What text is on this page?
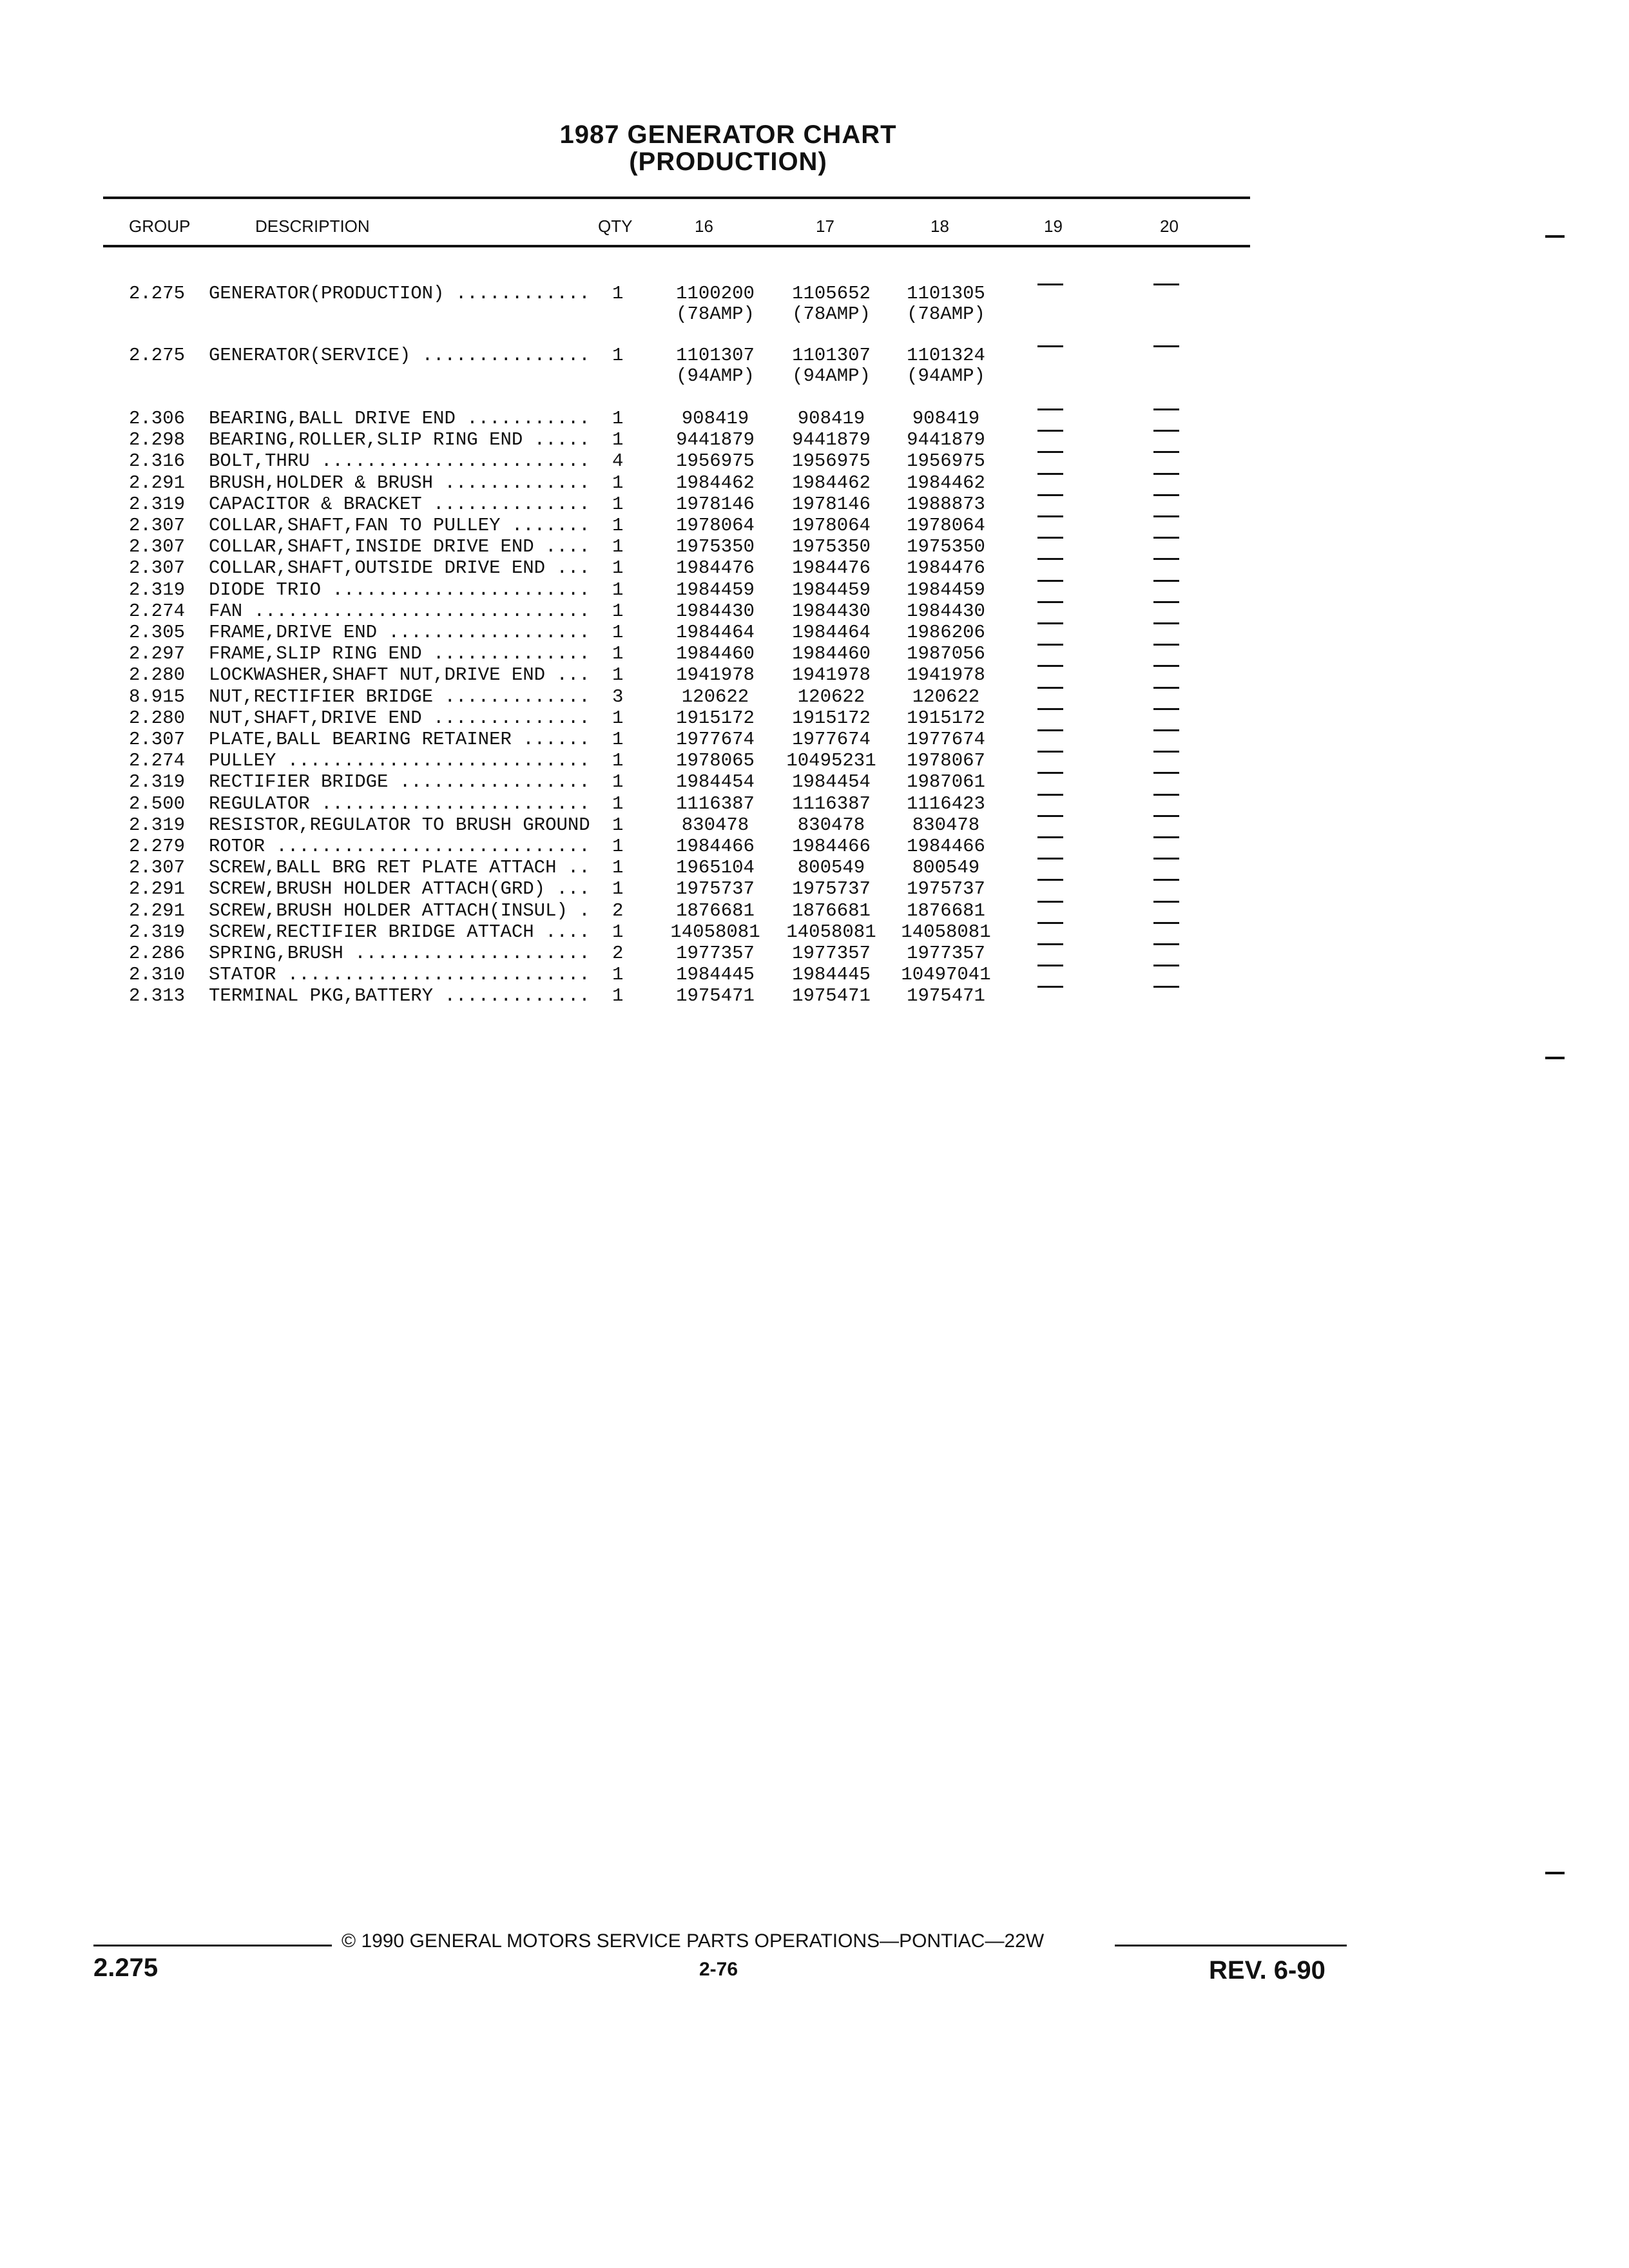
1987 GENERATOR CHART
(PRODUCTION)
GROUP	DESCRIPTION	QTY	16	17	18	19	20
2.275 GENERATOR(PRODUCTION) ............ 1	1100200	1105652	1101305
(78AMP)	(78AMP)	(78AMP)
2.275 GENERATOR(SERVICE) ............... 1	1101307	1101307	1101324
(94AMP)	(94AMP)	(94AMP)
2.306 BEARING,BALL DRIVE END ........... 1	908419	908419	908419
2.298 BEARING,ROLLER,SLIP RING END ..... 1	9441879	9441879	9441879
2.316 BOLT,THRU ........................ 4	1956975	1956975	1956975
2.291 BRUSH,HOLDER & BRUSH ............. 1	1984462	1984462	1984462
2.319 CAPACITOR & BRACKET .............. 1	1978146	1978146	1988873
2.307 COLLAR,SHAFT,FAN TO PULLEY ....... 1	1978064	1978064	1978064
2.307 COLLAR,SHAFT,INSIDE DRIVE END .... 1	1975350	1975350	1975350
2.307 COLLAR,SHAFT,OUTSIDE DRIVE END ... 1	1984476	1984476	1984476
2.319 DIODE TRIO ....................... 1	1984459	1984459	1984459
2.274 FAN .............................. 1	1984430	1984430	1984430
2.305 FRAME,DRIVE END .................. 1	1984464	1984464	1986206
2.297 FRAME,SLIP RING END .............. 1	1984460	1984460	1987056
2.280 LOCKWASHER,SHAFT NUT,DRIVE END ... 1	1941978	1941978	1941978
8.915 NUT,RECTIFIER BRIDGE ............. 3	120622	120622	120622
2.280 NUT,SHAFT,DRIVE END .............. 1	1915172	1915172	1915172
2.307 PLATE,BALL BEARING RETAINER ...... 1	1977674	1977674	1977674
2.274 PULLEY ........................... 1	1978065	10495231	1978067
2.319 RECTIFIER BRIDGE ................. 1	1984454	1984454	1987061
2.500 REGULATOR ........................ 1	1116387	1116387	1116423
2.319 RESISTOR,REGULATOR TO BRUSH GROUND 1	830478	830478	830478
2.279 ROTOR ............................ 1	1984466	1984466	1984466
2.307 SCREW,BALL BRG RET PLATE ATTACH .. 1	1965104	800549	800549
2.291 SCREW,BRUSH HOLDER ATTACH(GRD) ... 1	1975737	1975737	1975737
2.291 SCREW,BRUSH HOLDER ATTACH(INSUL) . 2	1876681	1876681	1876681
2.319 SCREW,RECTIFIER BRIDGE ATTACH .... 1	14058081	14058081	14058081
2.286 SPRING,BRUSH ..................... 2	1977357	1977357	1977357
2.310 STATOR ........................... 1	1984445	1984445	10497041
2.313 TERMINAL PKG,BATTERY ............. 1	1975471	1975471	1975471
© 1990 GENERAL MOTORS SERVICE PARTS OPERATIONS—PONTIAC—22W
2.275	2-76	REV. 6-90
